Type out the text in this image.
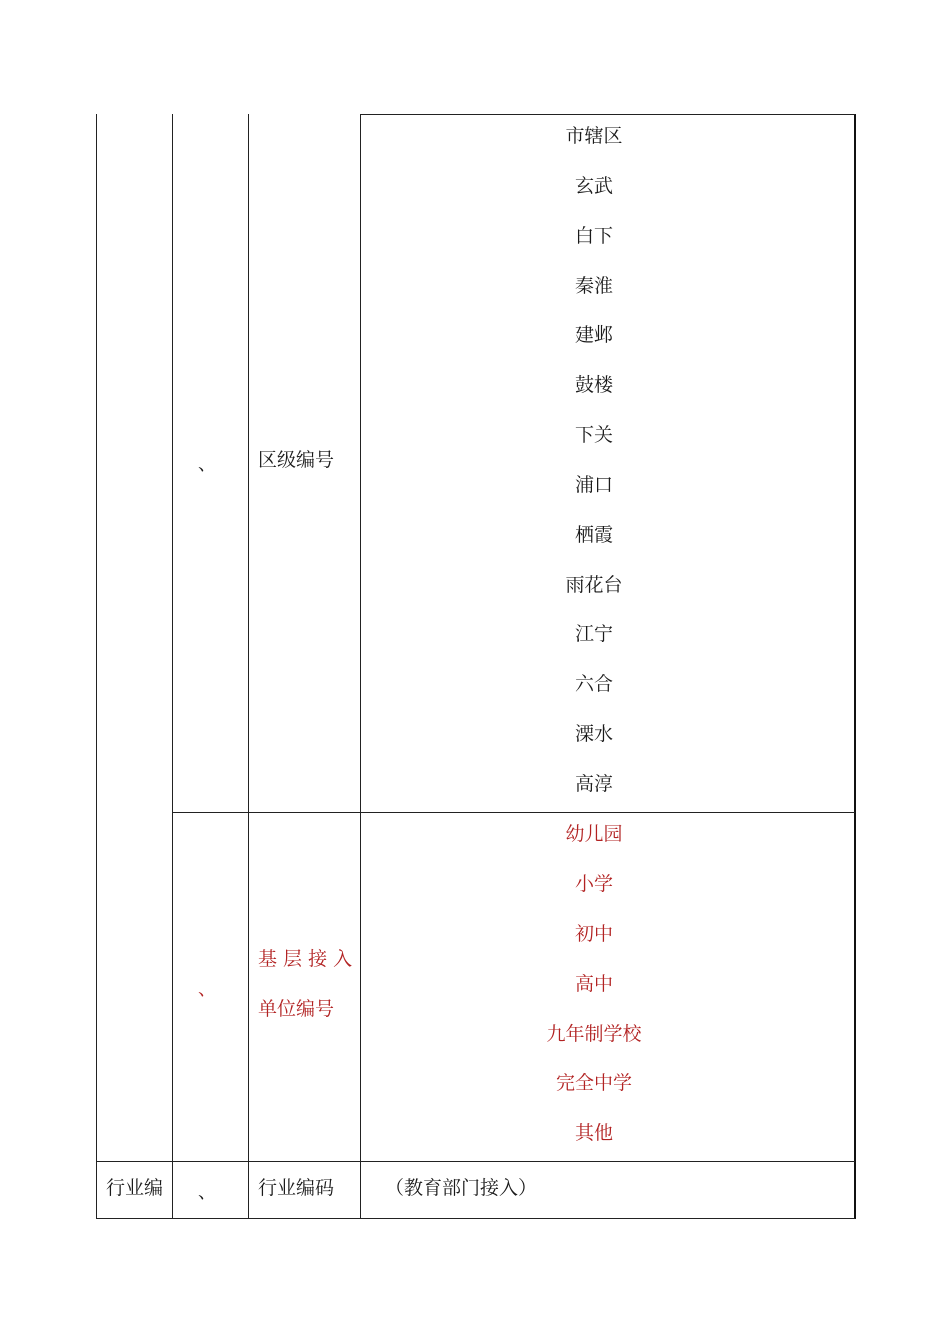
、 区级编号
市辖区
玄武
白下
秦淮
建邺
鼓楼
下关
浦口
栖霞
雨花台
江宁
六合
溧水
高淳
、
基 层 接 入
单位编号
幼儿园
小学
初中
高中
九年制学校
完全中学
其他
行业编 、 行业编码	（教育部门接入）
